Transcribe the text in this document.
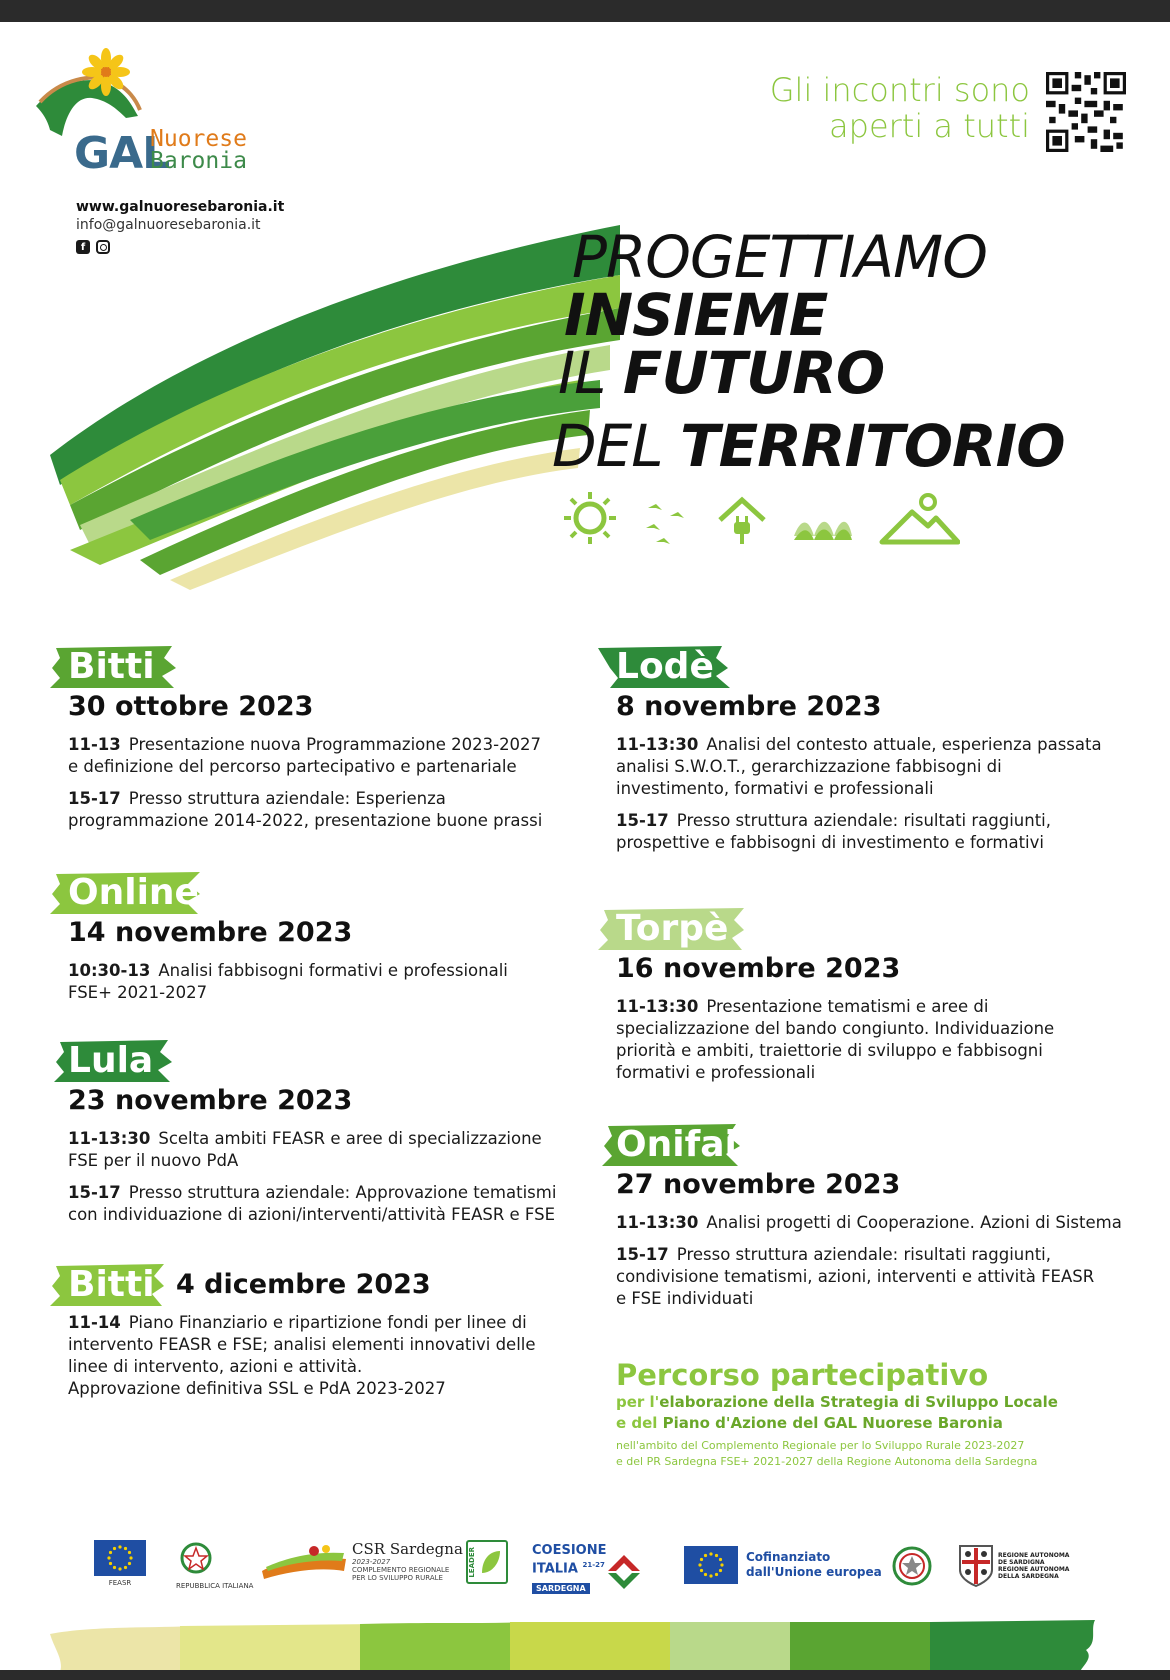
GAL
Nuorese
Baronia
www.galnuoresebaronia.it
info@galnuoresebaronia.it
f
Gli incontri sono
aperti a tutti
PROGETTIAMO
INSIEME
IL FUTURO
DEL TERRITORIO
Bitti
30 ottobre 2023
11-13 Presentazione nuova Programmazione 2023-2027
e definizione del percorso partecipativo e partenariale
15-17 Presso struttura aziendale: Esperienza
programmazione 2014-2022, presentazione buone prassi
Online
14 novembre 2023
10:30-13 Analisi fabbisogni formativi e professionali
FSE+ 2021-2027
Lula
23 novembre 2023
11-13:30 Scelta ambiti FEASR e aree di specializzazione
FSE per il nuovo PdA
15-17 Presso struttura aziendale: Approvazione tematismi
con individuazione di azioni/interventi/attività FEASR e FSE
Bitti 4 dicembre 2023
11-14 Piano Finanziario e ripartizione fondi per linee di
intervento FEASR e FSE; analisi elementi innovativi delle
linee di intervento, azioni e attività.
Approvazione definitiva SSL e PdA 2023-2027
Lodè
8 novembre 2023
11-13:30 Analisi del contesto attuale, esperienza passata
analisi S.W.O.T., gerarchizzazione fabbisogni di
investimento, formativi e professionali
15-17 Presso struttura aziendale: risultati raggiunti,
prospettive e fabbisogni di investimento e formativi
Torpè
16 novembre 2023
11-13:30 Presentazione tematismi e aree di
specializzazione del bando congiunto. Individuazione
priorità e ambiti, traiettorie di sviluppo e fabbisogni
formativi e professionali
Onifai
27 novembre 2023
11-13:30 Analisi progetti di Cooperazione. Azioni di Sistema
15-17 Presso struttura aziendale: risultati raggiunti,
condivisione tematismi, azioni, interventi e attività FEASR
e FSE individuati
Percorso partecipativo
per l'elaborazione della Strategia di Sviluppo Locale
e del Piano d'Azione del GAL Nuorese Baronia
nell'ambito del Complemento Regionale per lo Sviluppo Rurale 2023-2027
e del PR Sardegna FSE+ 2021-2027 della Regione Autonoma della Sardegna
FEASR	REPUBBLICA ITALIANA
CSR Sardegna
2023-2027
COMPLEMENTO REGIONALE
PER LO SVILUPPO RURALE
LEADER	COESIONE
ITALIA $^{21-27}$
SARDEGNA
Cofinanziato
dall'Unione europea
REGIONE AUTONOMA
DE SARDIGNA
REGIONE AUTONOMA
DELLA SARDEGNA
